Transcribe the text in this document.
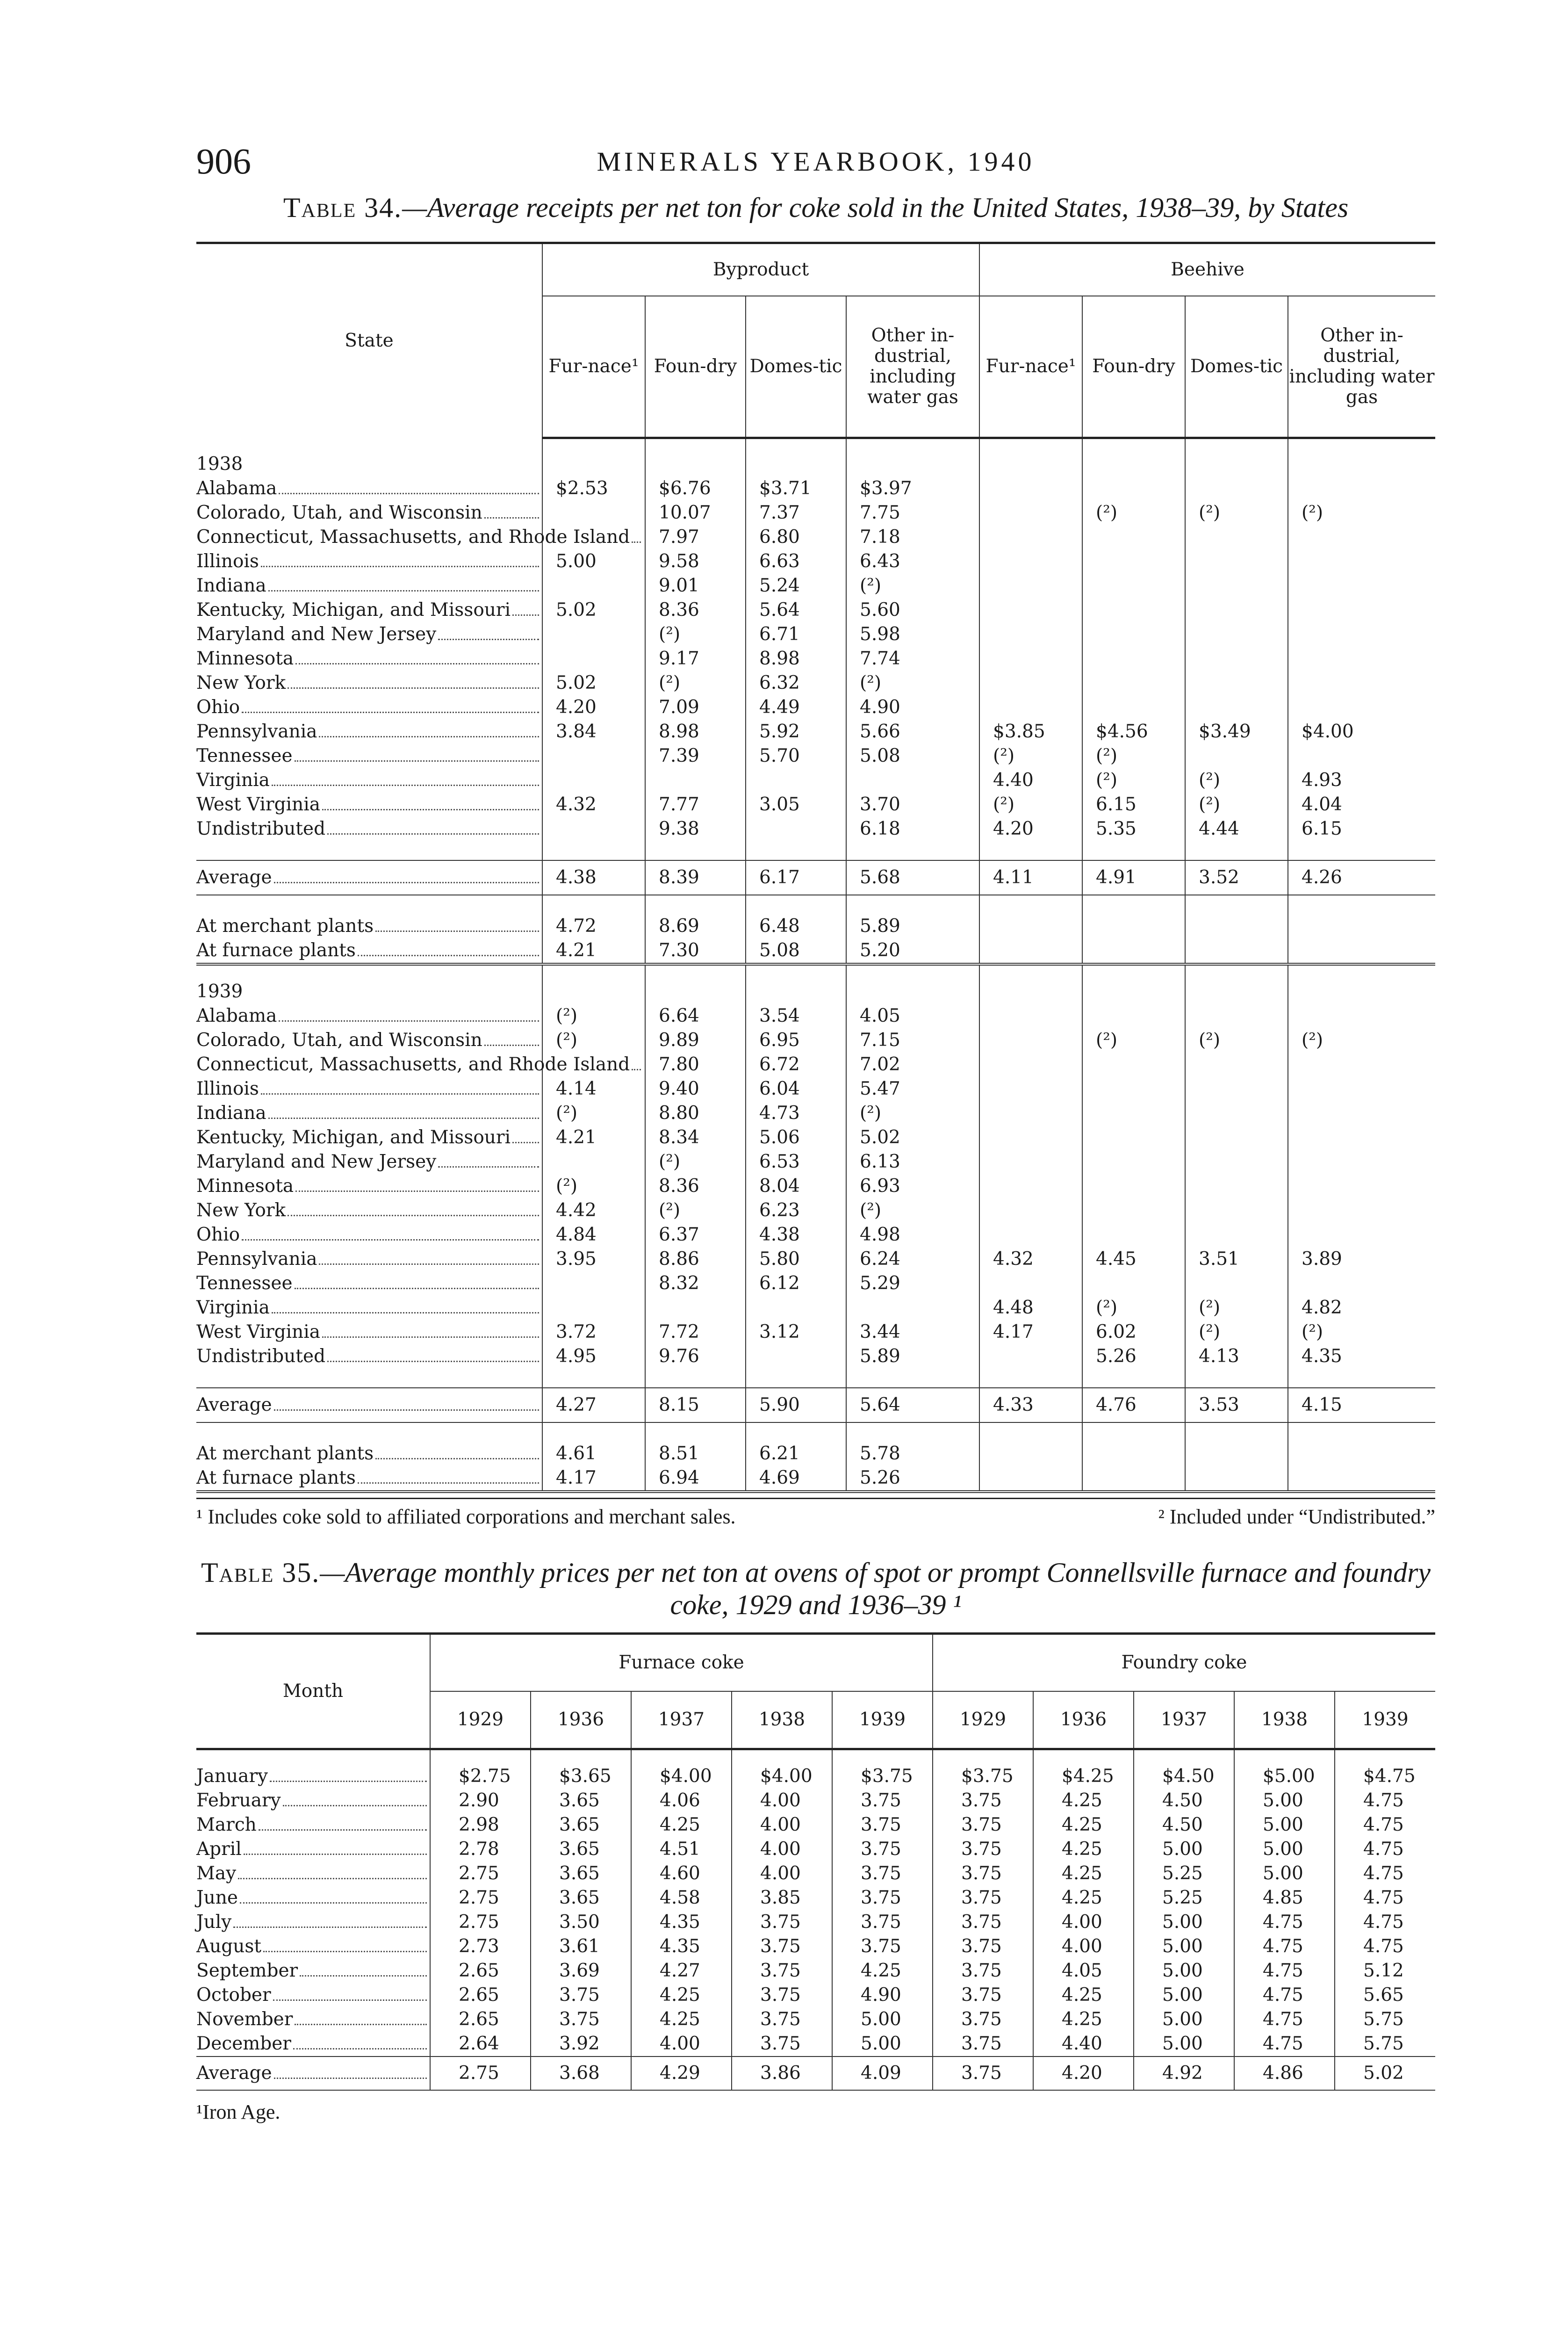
906	MINERALS YEARBOOK, 1940
Table 34.—Average receipts per net ton for coke sold in the United States, 1938–39, by States
State	Byproduct				Beehive			
	Fur-nace¹	Foun-dry	Domes-tic	Other in-dustrial, including water gas	Fur-nace¹	Foun-dry	Domes-tic	Other in-dustrial, including water gas
1938								

Alabama	$2.53	$6.76	$3.71	$3.97				

Colorado, Utah, and Wisconsin		10.07	7.37	7.75		(²)	(²)	(²)

Connecticut, Massachusetts, and Rhode Island		7.97	6.80	7.18				

Illinois	5.00	9.58	6.63	6.43				

Indiana		9.01	5.24	(²)				

Kentucky, Michigan, and Missouri	5.02	8.36	5.64	5.60				

Maryland and New Jersey		(²)	6.71	5.98				

Minnesota		9.17	8.98	7.74				

New York	5.02	(²)	6.32	(²)				

Ohio	4.20	7.09	4.49	4.90				

Pennsylvania	3.84	8.98	5.92	5.66	$3.85	$4.56	$3.49	$4.00

Tennessee		7.39	5.70	5.08	(²)	(²)		

Virginia					4.40	(²)	(²)	4.93

West Virginia	4.32	7.77	3.05	3.70	(²)	6.15	(²)	4.04

Undistributed		9.38		6.18	4.20	5.35	4.44	6.15

Average	4.38	8.39	6.17	5.68	4.11	4.91	3.52	4.26

At merchant plants	4.72	8.69	6.48	5.89				

At furnace plants	4.21	7.30	5.08	5.20				
1939								

Alabama	(²)	6.64	3.54	4.05				

Colorado, Utah, and Wisconsin	(²)	9.89	6.95	7.15		(²)	(²)	(²)

Connecticut, Massachusetts, and Rhode Island		7.80	6.72	7.02				

Illinois	4.14	9.40	6.04	5.47				

Indiana	(²)	8.80	4.73	(²)				

Kentucky, Michigan, and Missouri	4.21	8.34	5.06	5.02				

Maryland and New Jersey		(²)	6.53	6.13				

Minnesota	(²)	8.36	8.04	6.93				

New York	4.42	(²)	6.23	(²)				

Ohio	4.84	6.37	4.38	4.98				

Pennsylvania	3.95	8.86	5.80	6.24	4.32	4.45	3.51	3.89

Tennessee		8.32	6.12	5.29				

Virginia					4.48	(²)	(²)	4.82

West Virginia	3.72	7.72	3.12	3.44	4.17	6.02	(²)	(²)

Undistributed	4.95	9.76		5.89		5.26	4.13	4.35

Average	4.27	8.15	5.90	5.64	4.33	4.76	3.53	4.15

At merchant plants	4.61	8.51	6.21	5.78				

At furnace plants	4.17	6.94	4.69	5.26				
¹ Includes coke sold to affiliated corporations and merchant sales.	² Included under “Undistributed.”
Table 35.—Average monthly prices per net ton at ovens of spot or prompt Connellsville furnace and foundry coke, 1929 and 1936–39 ¹
Month	Furnace coke					Foundry coke				
	1929	1936	1937	1938	1939	1929	1936	1937	1938	1939

January	$2.75	$3.65	$4.00	$4.00	$3.75	$3.75	$4.25	$4.50	$5.00	$4.75

February	2.90	3.65	4.06	4.00	3.75	3.75	4.25	4.50	5.00	4.75

March	2.98	3.65	4.25	4.00	3.75	3.75	4.25	4.50	5.00	4.75

April	2.78	3.65	4.51	4.00	3.75	3.75	4.25	5.00	5.00	4.75

May	2.75	3.65	4.60	4.00	3.75	3.75	4.25	5.25	5.00	4.75

June	2.75	3.65	4.58	3.85	3.75	3.75	4.25	5.25	4.85	4.75

July	2.75	3.50	4.35	3.75	3.75	3.75	4.00	5.00	4.75	4.75

August	2.73	3.61	4.35	3.75	3.75	3.75	4.00	5.00	4.75	4.75

September	2.65	3.69	4.27	3.75	4.25	3.75	4.05	5.00	4.75	5.12

October	2.65	3.75	4.25	3.75	4.90	3.75	4.25	5.00	4.75	5.65

November	2.65	3.75	4.25	3.75	5.00	3.75	4.25	5.00	4.75	5.75

December	2.64	3.92	4.00	3.75	5.00	3.75	4.40	5.00	4.75	5.75

Average	2.75	3.68	4.29	3.86	4.09	3.75	4.20	4.92	4.86	5.02
¹Iron Age.
